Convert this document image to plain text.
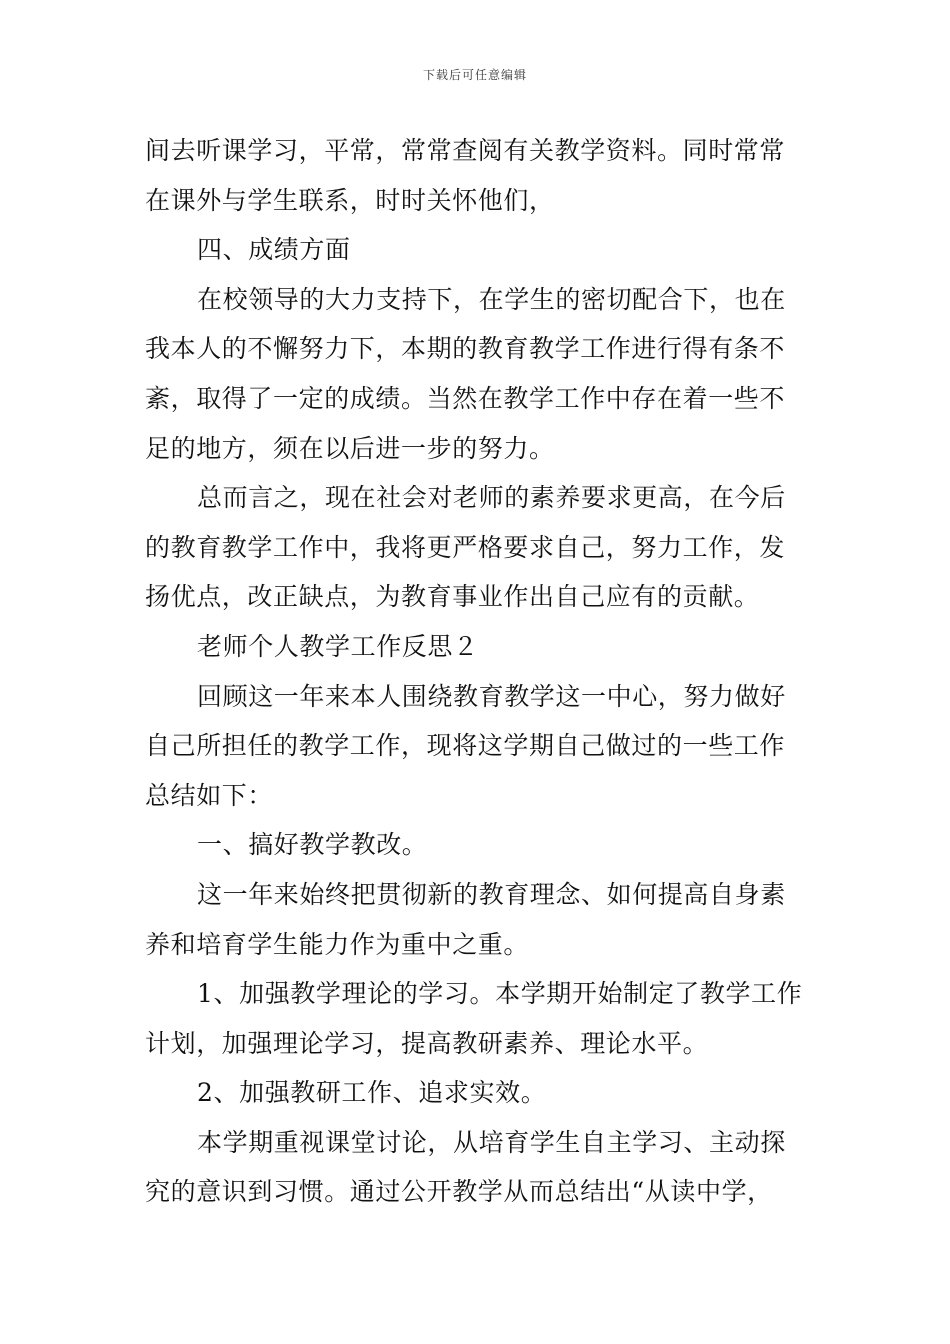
下载后可任意编辑
间去听课学习，平常，常常查阅有关教学资料。同时常常
在课外与学生联系，时时关怀他们，
四、成绩方面
在校领导的大力支持下，在学生的密切配合下，也在
我本人的不懈努力下，本期的教育教学工作进行得有条不
紊，取得了一定的成绩。当然在教学工作中存在着一些不
足的地方，须在以后进一步的努力。
总而言之，现在社会对老师的素养要求更高，在今后
的教育教学工作中，我将更严格要求自己，努力工作，发
扬优点，改正缺点，为教育事业作出自己应有的贡献。
老师个人教学工作反思２
回顾这一年来本人围绕教育教学这一中心，努力做好
自己所担任的教学工作，现将这学期自己做过的一些工作
总结如下：
一、搞好教学教改。
这一年来始终把贯彻新的教育理念、如何提高自身素
养和培育学生能力作为重中之重。
1、加强教学理论的学习。本学期开始制定了教学工作
计划，加强理论学习，提高教研素养、理论水平。
2、加强教研工作、追求实效。
本学期重视课堂讨论，从培育学生自主学习、主动探
究的意识到习惯。通过公开教学从而总结出“从读中学，
